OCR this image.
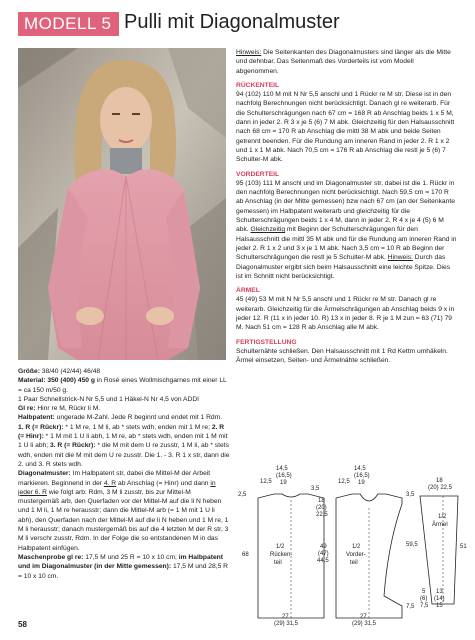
MODELL 5 Pulli mit Diagonalmuster

Größe: 38/40 (42/44) 46/48

Material: 350 (400) 450 g in Rosé eines Wollmischgarnes mit einer LL = ca 150 m/50 g.

1 Paar Schnellstrick-N Nr 5,5 und 1 Häkel-N Nr 4,5 von ADDI

Gl re: Hinr re M, Rückr li M.

Halbpatent: ungerade M-Zahl. Jede R beginnt und endet mit 1 Rdm.

1. R (= Rückr): * 1 M re, 1 M li, ab * stets wdh, enden mit 1 M re; 2. R (= Hinr): * 1 M mit 1 U li abh, 1 M re, ab * stets wdh, enden mit 1 M mit 1 U li abh; 3. R (= Rückr): * die M mit dem U re zusstr, 1 M li, ab * stets wdh, enden mit die M mit dem U re zusstr. Die 1. - 3. R 1 x str, dann die 2. und 3. R stets wdh.

Diagonalmuster: Im Halbpatent str, dabei die Mittel-M der Arbeit markieren. Beginnend in der 4. R ab Anschlag (= Hinr) und dann in jeder 6. R wie folgt arb: Rdm, 3 M li zusstr, bis zur Mittel-M mustergemäß arb, den Querfaden vor der Mittel-M auf die li N heben und 1 M li, 1 M re herausstr; dann die Mittel-M arb (= 1 M mit 1 U li abh), den Querfaden nach der Mittel-M auf die li N heben und 1 M re, 1 M li herausstr; danach mustergemäß bis auf die 4 letzten M der R str, 3 M li verschr zusstr, Rdm. In der Folge die so entstandenen M in das Halbpatent einfügen.

Maschenprobe gl re: 17,5 M und 25 R = 10 x 10 cm; im Halbpatent und im Diagonalmuster (in der Mitte gemessen): 17,5 M und 28,5 R = 10 x 10 cm.

58

Hinweis: Die Seitenkanten des Diagonalmusters sind länger als die Mitte und dehnbar. Das Seitenmaß des Vorderteils ist vom Modell abgenommen.

RÜCKENTEIL

94 (102) 110 M mit N Nr 5,5 anschl und 1 Rückr re M str. Diese ist in den nachfolg Berechnungen nicht berücksichtigt. Danach gl re weiterarb. Für die Schulterschrägungen nach 67 cm = 168 R ab Anschlag beids 1 x 5 M, dann in jeder 2. R 3 x je 5 (6) 7 M abk. Gleichzeitig für den Halsausschnitt nach 68 cm = 170 R ab Anschlag die mittl 38 M abk und beide Seiten getrennt beenden. Für die Rundung am inneren Rand in jeder 2. R 1 x 2 und 1 x 1 M abk. Nach 70,5 cm = 176 R ab Anschlag die restl je 5 (6) 7 Schulter-M abk.

VORDERTEIL

95 (103) 111 M anschl und im Diagonalmuster str, dabei ist die 1. Rückr in den nachfolg Berechnungen nicht berücksichtigt. Nach 59,5 cm = 170 R ab Anschlag (in der Mitte gemessen) bzw nach 67 cm (an der Seitenkante gemessen) im Halbpatent weiterarb und gleichzeitig für die Schulterschrägungen beids 1 x 4 M, dann in jeder 2. R 4 x je 4 (5) 6 M abk. Gleichzeitig mit Beginn der Schulterschrägungen für den Halsausschnitt die mittl 35 M abk und für die Rundung am inneren Rand in jeder 2. R 1 x 2 und 3 x je 1 M abk. Nach 3,5 cm = 10 R ab Beginn der Schulterschrägungen die restl je 5 Schulter-M abk. Hinweis: Durch das Diagonalmuster ergibt sich beim Halsausschnitt eine leichte Spitze. Dies ist im Schnitt nicht berücksichtigt.

ÄRMEL

45 (49) 53 M mit N Nr 5,5 anschl und 1 Rückr re M str. Danach gl re weiterarb. Gleichzeitig für die Ärmelschrägungen ab Anschlag beids 9 x in jeder 12. R (11 x in jeder 10. R) 13 x in jeder 8. R je 1 M zun = 63 (71) 79 M. Nach 51 cm = 128 R ab Anschlag alle M abk.

FERTIGSTELLUNG

Schulternähte schließen. Den Halsausschnitt mit 1 Rd Kettm umhäkeln. Ärmel einsetzen, Seiten- und Ärmelnähte schließen.

14,5
(16,5)
19
12,5
3,5
2,5
1/2
Rücken-
teil
68
27
(29) 31,5
14,5
(16,5)
19
12,5
18
(20)
22,5
49
(47)
44,5
1/2
Vorder-
teil
3,5
59,5
7,5
27
(29) 31,5
18
(20) 22,5
1/2
Ärmel
51
5
(6)
7,5
13
(14)
15
